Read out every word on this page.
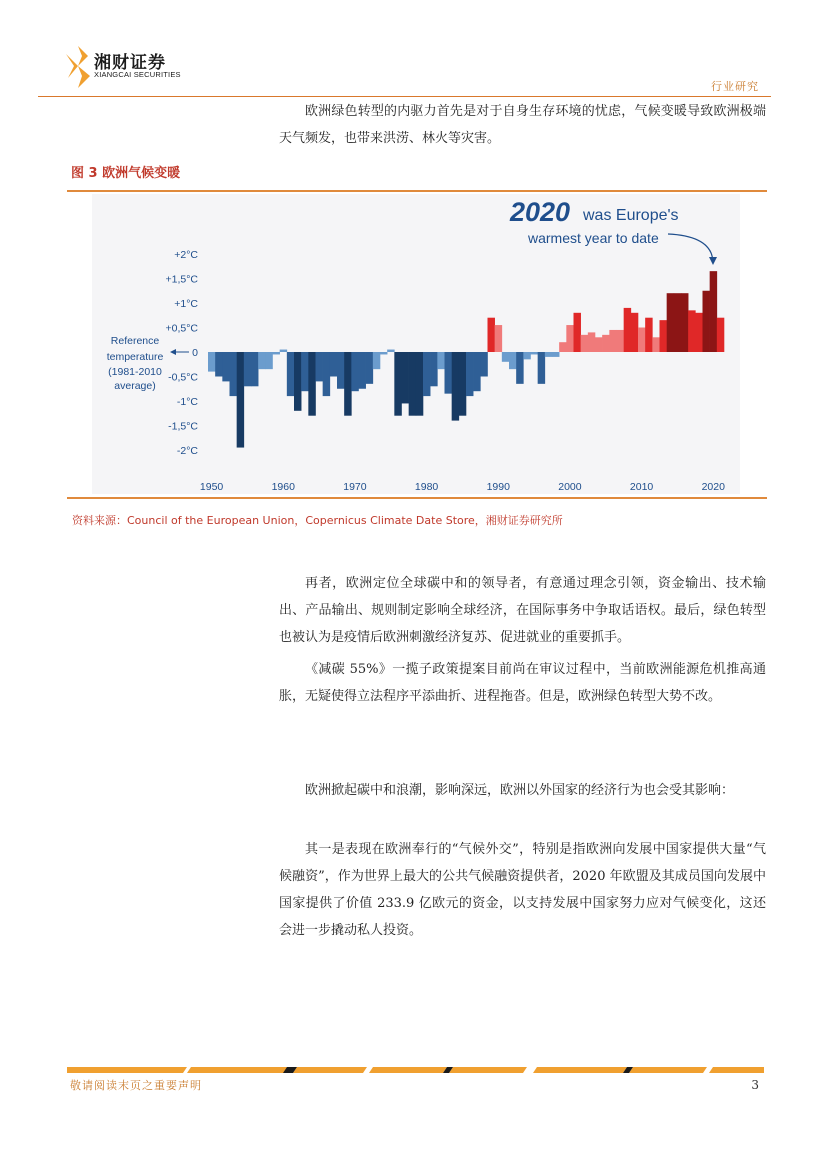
湘财证券
XIANGCAI SECURITIES
行业研究

欧洲绿色转型的内驱力首先是对于自身生存环境的忧虑，气候变暖导致欧洲极端天气频发，也带来洪涝、林火等灾害。

图 3 欧洲气候变暖
2020 was Europe's
warmest year to date
Reference
temperature
(1981-2010
average)
+2°C
+1,5°C
+1°C
+0,5°C
0
-0,5°C
-1°C
-1,5°C
-2°C
1950	1960	1970	1980	1990	2000	2010	2020
资料来源：Council of the European Union，Copernicus Climate Date Store，湘财证券研究所

再者，欧洲定位全球碳中和的领导者，有意通过理念引领，资金输出、技术输出、产品输出、规则制定影响全球经济，在国际事务中争取话语权。最后，绿色转型也被认为是疫情后欧洲刺激经济复苏、促进就业的重要抓手。

《减碳 55%》一揽子政策提案目前尚在审议过程中，当前欧洲能源危机推高通胀，无疑使得立法程序平添曲折、进程拖沓。但是，欧洲绿色转型大势不改。

欧洲掀起碳中和浪潮，影响深远，欧洲以外国家的经济行为也会受其影响：

其一是表现在欧洲奉行的“气候外交”，特别是指欧洲向发展中国家提供大量“气候融资”，作为世界上最大的公共气候融资提供者，2020 年欧盟及其成员国向发展中国家提供了价值 233.9 亿欧元的资金，以支持发展中国家努力应对气候变化，这还会进一步撬动私人投资。

敬请阅读末页之重要声明	3
